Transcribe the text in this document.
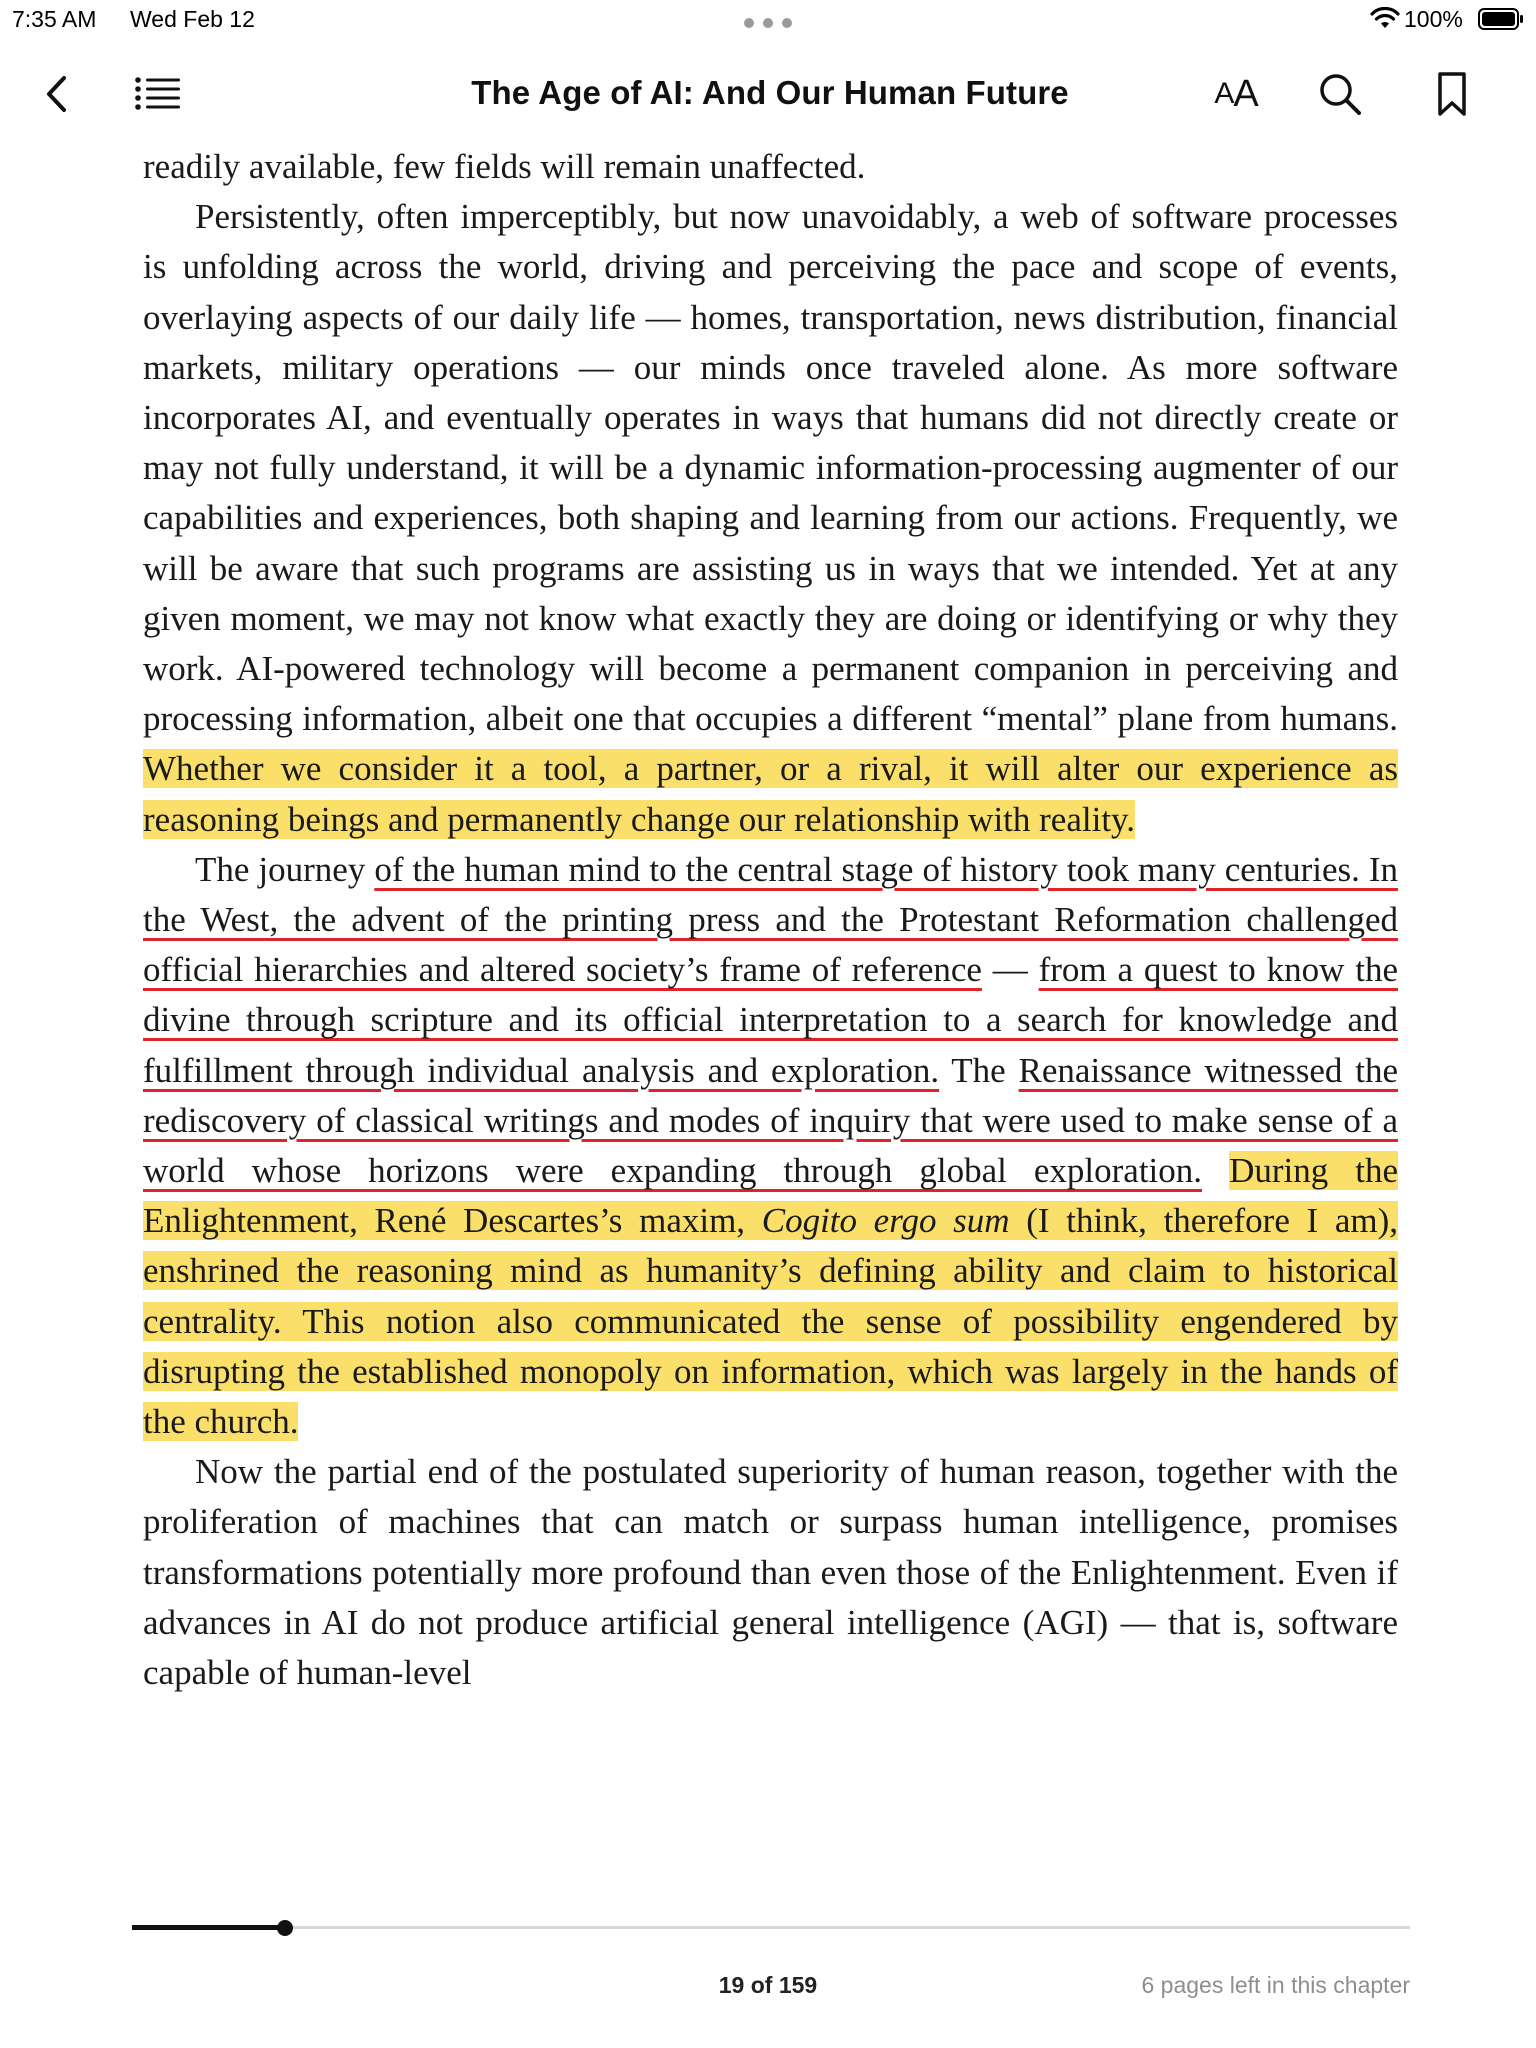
7:35 AM Wed Feb 12	100%
The Age of AI: And Our Human Future	A A

readily available, few fields will remain unaffected.

Persistently, often imperceptibly, but now unavoidably, a web of software processes is unfolding across the world, driving and perceiving the pace and scope of events, overlaying aspects of our daily life — homes, transportation, news distribution, financial markets, military operations — our minds once traveled alone. As more software incorporates AI, and eventually operates in ways that humans did not directly create or may not fully understand, it will be a dynamic information-processing augmenter of our capabilities and experiences, both shaping and learning from our actions. Frequently, we will be aware that such programs are assisting us in ways that we intended. Yet at any given moment, we may not know what exactly they are doing or identifying or why they work. AI-powered technology will become a permanent companion in perceiving and processing information, albeit one that occupies a different “mental” plane from humans. Whether we consider it a tool, a partner, or a rival, it will alter our experience as reasoning beings and permanently change our relationship with reality.

The journey of the human mind to the central stage of history took many centuries. In the West, the advent of the printing press and the Protestant Reformation challenged official hierarchies and altered society’s frame of reference — from a quest to know the divine through scripture and its official interpretation to a search for knowledge and fulfillment through individual analysis and exploration. The Renaissance witnessed the rediscovery of classical writings and modes of inquiry that were used to make sense of a world whose horizons were expanding through global exploration. During the Enlightenment, René Descartes’s maxim, Cogito ergo sum (I think, therefore I am), enshrined the reasoning mind as humanity’s defining ability and claim to historical centrality. This notion also communicated the sense of possibility engendered by disrupting the established monopoly on information, which was largely in the hands of the church.

Now the partial end of the postulated superiority of human reason, together with the proliferation of machines that can match or surpass human intelligence, promises transformations potentially more profound than even those of the Enlightenment. Even if advances in AI do not produce artificial general intelligence (AGI) — that is, software capable of human-level

19 of 159	6 pages left in this chapter
